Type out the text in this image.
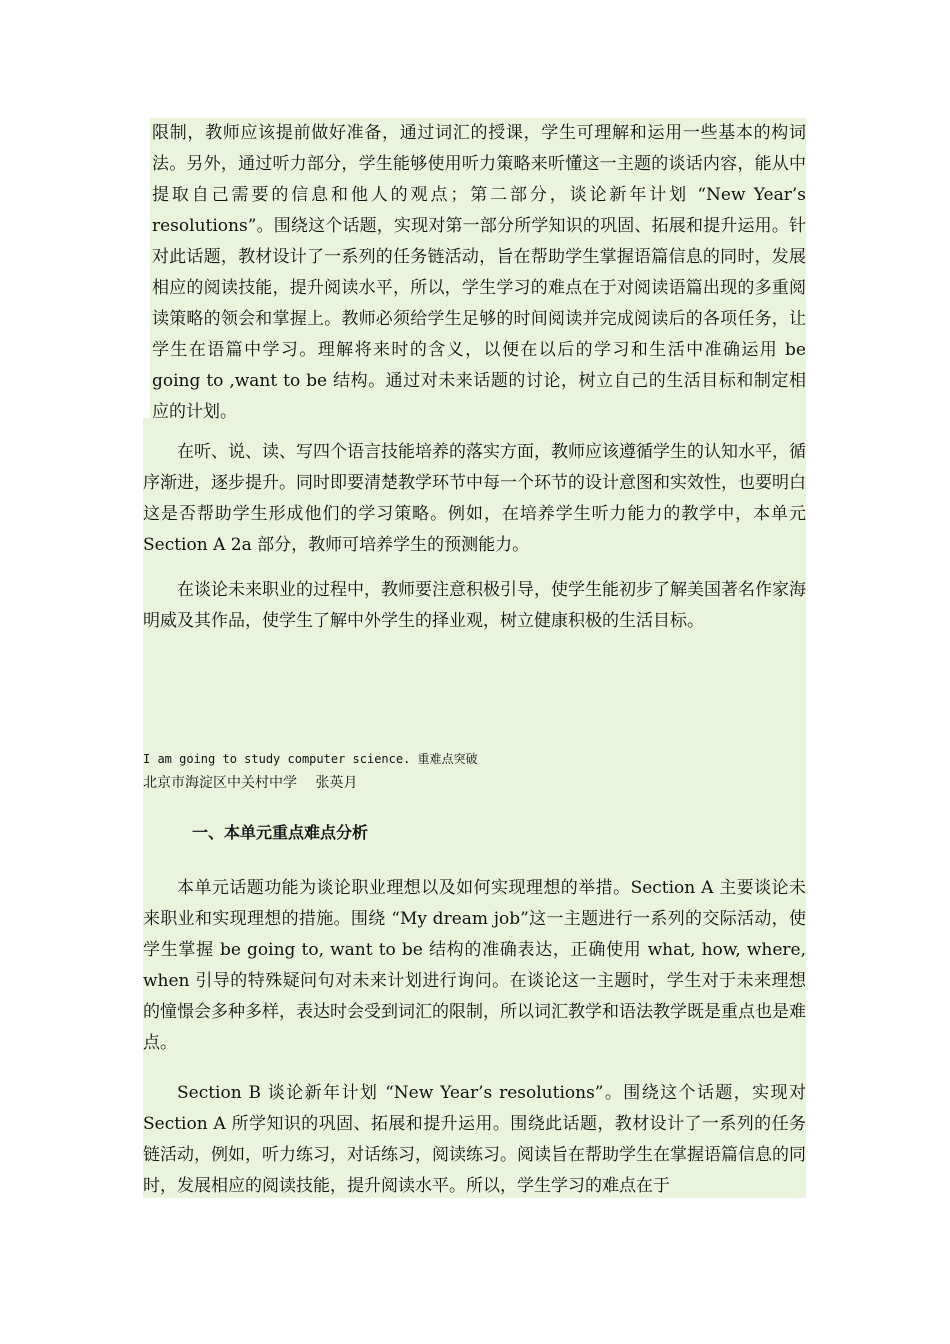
限制，教师应该提前做好准备，通过词汇的授课，学生可理解和运用一些基本的构词法。另外，通过听力部分，学生能够使用听力策略来听懂这一主题的谈话内容，能从中提取自己需要的信息和他人的观点；第二部分，谈论新年计划 “New Year’s resolutions”。围绕这个话题，实现对第一部分所学知识的巩固、拓展和提升运用。针对此话题，教材设计了一系列的任务链活动，旨在帮助学生掌握语篇信息的同时，发展相应的阅读技能，提升阅读水平，所以，学生学习的难点在于对阅读语篇出现的多重阅读策略的领会和掌握上。教师必须给学生足够的时间阅读并完成阅读后的各项任务，让学生在语篇中学习。理解将来时的含义，以便在以后的学习和生活中准确运用 be going to ,want to be 结构。通过对未来话题的讨论，树立自己的生活目标和制定相应的计划。

在听、说、读、写四个语言技能培养的落实方面，教师应该遵循学生的认知水平，循序渐进，逐步提升。同时即要清楚教学环节中每一个环节的设计意图和实效性，也要明白这是否帮助学生形成他们的学习策略。例如，在培养学生听力能力的教学中，本单元 Section A 2a 部分，教师可培养学生的预测能力。

在谈论未来职业的过程中，教师要注意积极引导，使学生能初步了解美国著名作家海明威及其作品，使学生了解中外学生的择业观，树立健康积极的生活目标。

I am going to study computer science. 重难点突破

北京市海淀区中关村中学　 张英月

一、本单元重点难点分析

本单元话题功能为谈论职业理想以及如何实现理想的举措。Section A 主要谈论未来职业和实现理想的措施。围绕 “My dream job”这一主题进行一系列的交际活动，使学生掌握 be going to, want to be 结构的准确表达，正确使用 what, how, where, when 引导的特殊疑问句对未来计划进行询问。在谈论这一主题时，学生对于未来理想的憧憬会多种多样，表达时会受到词汇的限制，所以词汇教学和语法教学既是重点也是难点。

Section B 谈论新年计划 “New Year’s resolutions”。围绕这个话题，实现对 Section A 所学知识的巩固、拓展和提升运用。围绕此话题，教材设计了一系列的任务链活动，例如，听力练习，对话练习，阅读练习。阅读旨在帮助学生在掌握语篇信息的同时，发展相应的阅读技能，提升阅读水平。所以，学生学习的难点在于
